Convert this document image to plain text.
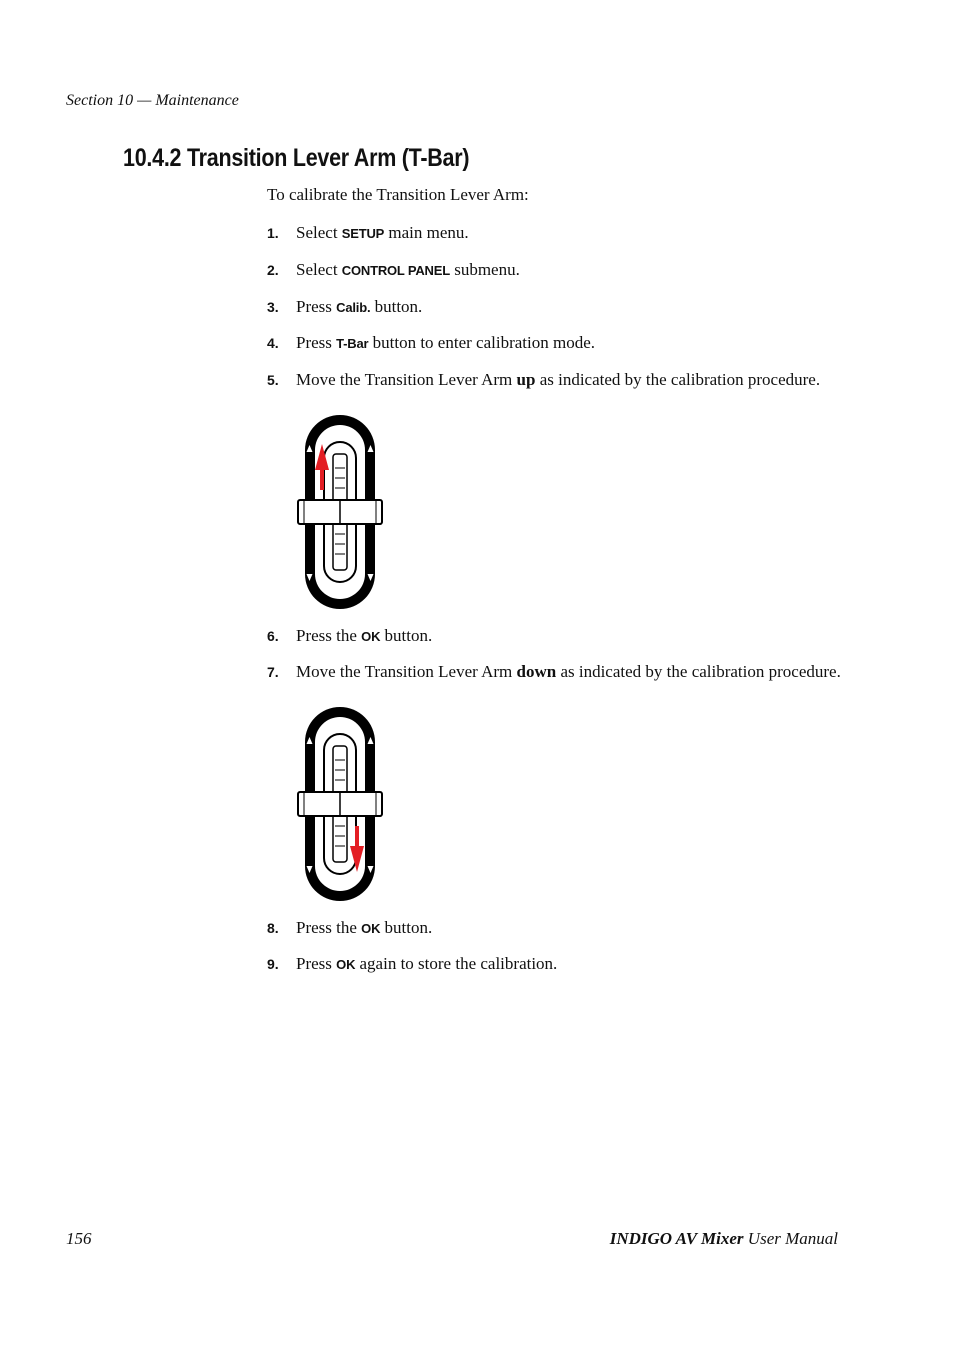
Section 10 — Maintenance
10.4.2 Transition Lever Arm (T-Bar)
To calibrate the Transition Lever Arm:
1. Select SETUP main menu.
2. Select CONTROL PANEL submenu.
3. Press Calib. button.
4. Press T-Bar button to enter calibration mode.
5. Move the Transition Lever Arm up as indicated by the calibration procedure.
6. Press the OK button.
7. Move the Transition Lever Arm down as indicated by the calibration procedure.
8. Press the OK button.
9. Press OK again to store the calibration.
156	INDIGO AV Mixer User Manual
